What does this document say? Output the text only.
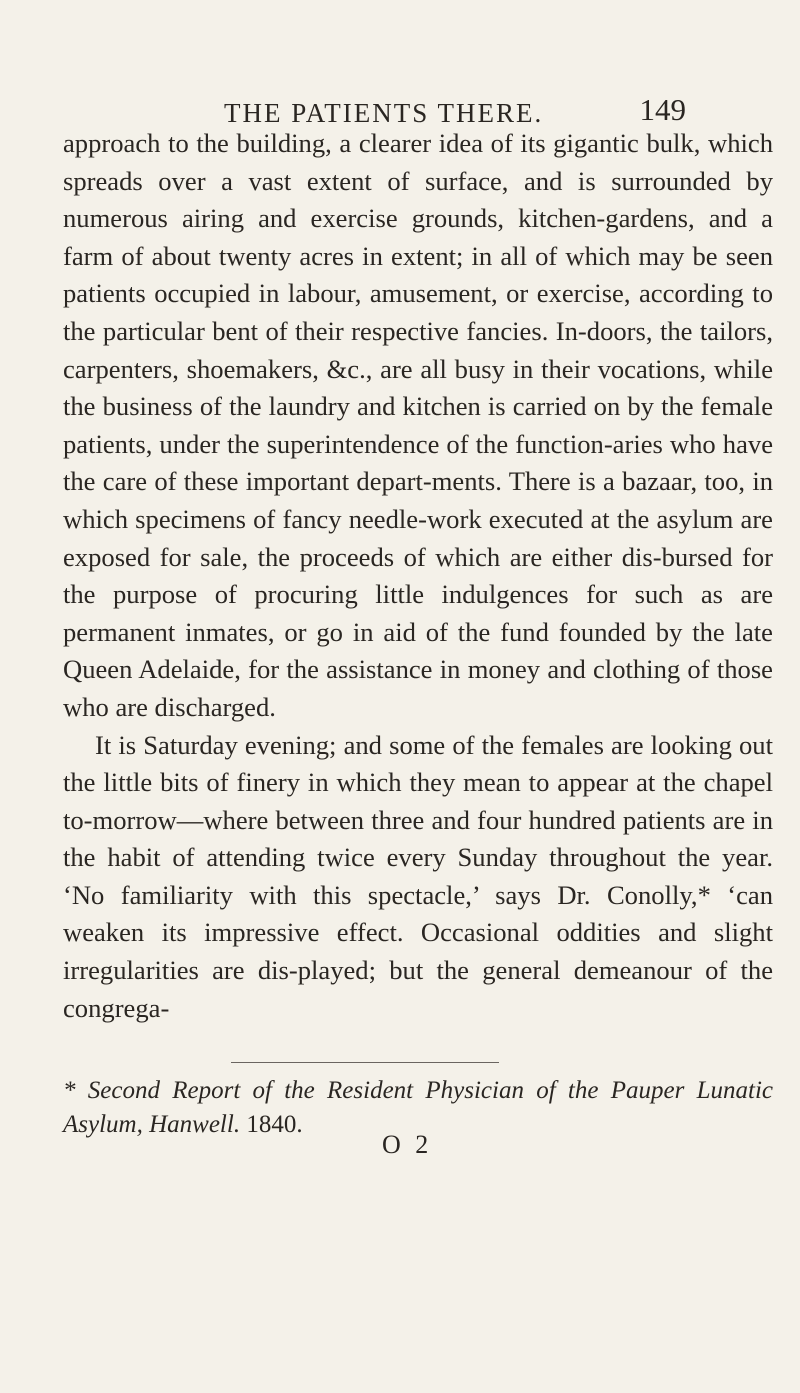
THE PATIENTS THERE.	149

approach to the building, a clearer idea of its gigantic bulk, which spreads over a vast extent of surface, and is surrounded by numerous airing and exercise grounds, kitchen-gardens, and a farm of about twenty acres in extent; in all of which may be seen patients occupied in labour, amusement, or exercise, according to the particular bent of their respective fancies. In-doors, the tailors, carpenters, shoemakers, &c., are all busy in their vocations, while the business of the laundry and kitchen is carried on by the female patients, under the superintendence of the function-aries who have the care of these important depart-ments. There is a bazaar, too, in which specimens of fancy needle-work executed at the asylum are exposed for sale, the proceeds of which are either dis-bursed for the purpose of procuring little indulgences for such as are permanent inmates, or go in aid of the fund founded by the late Queen Adelaide, for the assistance in money and clothing of those who are discharged.

It is Saturday evening; and some of the females are looking out the little bits of finery in which they mean to appear at the chapel to-morrow—where between three and four hundred patients are in the habit of attending twice every Sunday throughout the year. ‘No familiarity with this spectacle,’ says Dr. Conolly,* ‘can weaken its impressive effect. Occasional oddities and slight irregularities are dis-played; but the general demeanour of the congrega-

* Second Report of the Resident Physician of the Pauper Lunatic Asylum, Hanwell. 1840.
O 2
